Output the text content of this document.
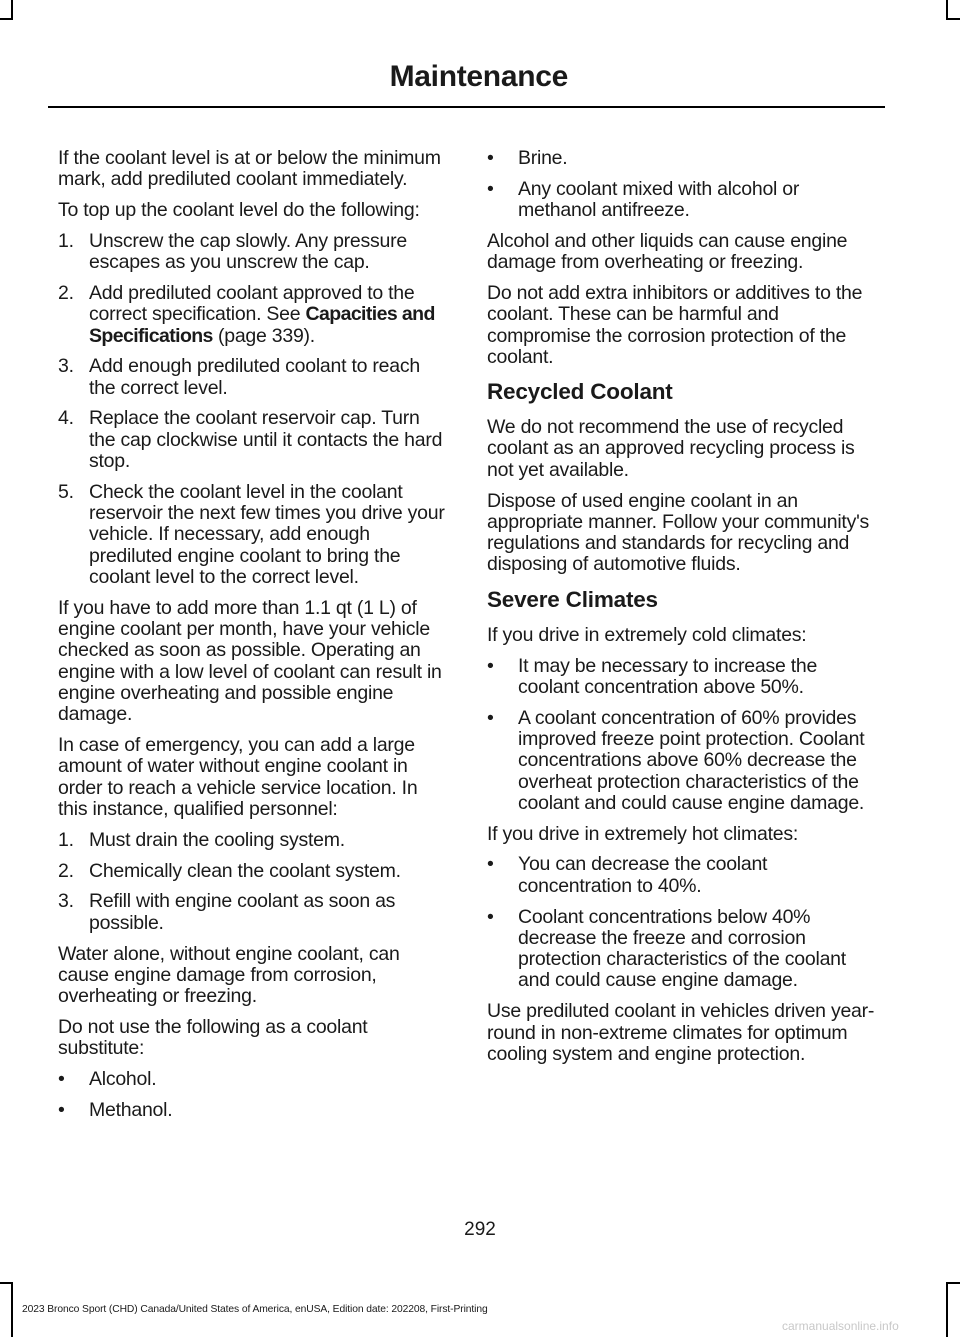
Maintenance

If the coolant level is at or below the minimum mark, add prediluted coolant immediately.

To top up the coolant level do the following:

1. Unscrew the cap slowly. Any pressure escapes as you unscrew the cap.
2. Add prediluted coolant approved to the correct specification. See Capacities and Specifications (page 339).
3. Add enough prediluted coolant to reach the correct level.
4. Replace the coolant reservoir cap. Turn the cap clockwise until it contacts the hard stop.
5. Check the coolant level in the coolant reservoir the next few times you drive your vehicle. If necessary, add enough prediluted engine coolant to bring the coolant level to the correct level.

If you have to add more than 1.1 qt (1 L) of engine coolant per month, have your vehicle checked as soon as possible. Operating an engine with a low level of coolant can result in engine overheating and possible engine damage.

In case of emergency, you can add a large amount of water without engine coolant in order to reach a vehicle service location. In this instance, qualified personnel:

1. Must drain the cooling system.
2. Chemically clean the coolant system.
3. Refill with engine coolant as soon as possible.

Water alone, without engine coolant, can cause engine damage from corrosion, overheating or freezing.

Do not use the following as a coolant substitute:

• Alcohol.
• Methanol.
• Brine.
• Any coolant mixed with alcohol or methanol antifreeze.

Alcohol and other liquids can cause engine damage from overheating or freezing.

Do not add extra inhibitors or additives to the coolant. These can be harmful and compromise the corrosion protection of the coolant.

Recycled Coolant

We do not recommend the use of recycled coolant as an approved recycling process is not yet available.

Dispose of used engine coolant in an appropriate manner. Follow your community's regulations and standards for recycling and disposing of automotive fluids.

Severe Climates

If you drive in extremely cold climates:

• It may be necessary to increase the coolant concentration above 50%.
• A coolant concentration of 60% provides improved freeze point protection. Coolant concentrations above 60% decrease the overheat protection characteristics of the coolant and could cause engine damage.

If you drive in extremely hot climates:

• You can decrease the coolant concentration to 40%.
• Coolant concentrations below 40% decrease the freeze and corrosion protection characteristics of the coolant and could cause engine damage.

Use prediluted coolant in vehicles driven year-round in non-extreme climates for optimum cooling system and engine protection.

292
2023 Bronco Sport (CHD) Canada/United States of America, enUSA, Edition date: 202208, First-Printing
carmanualsonline.info
